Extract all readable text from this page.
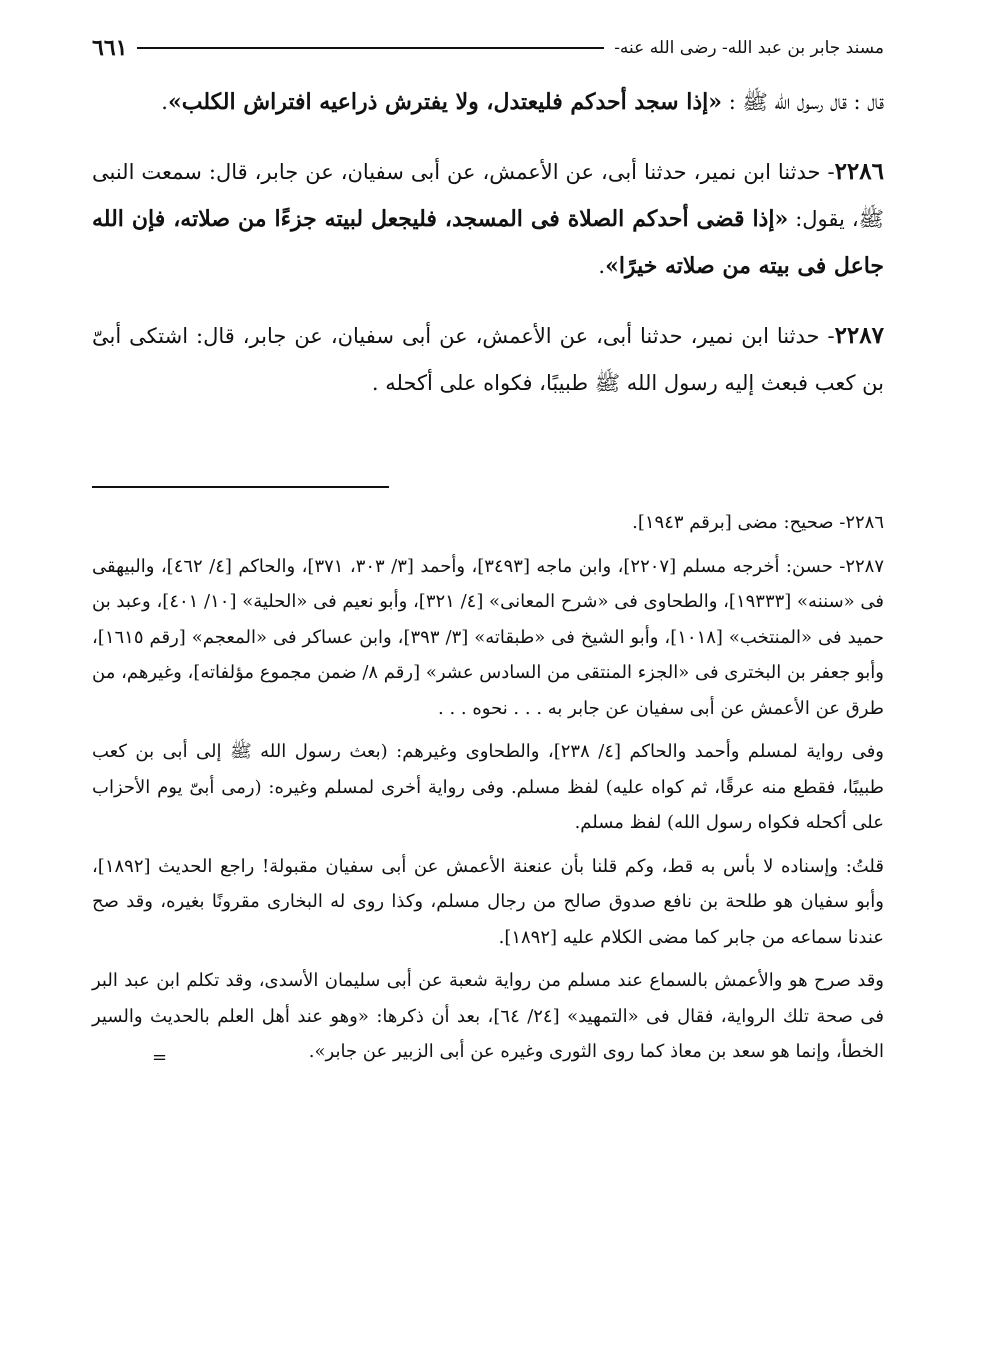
مسند جابر بن عبد الله- رضى الله عنه-
٦٦١

قال : قال رسول الله ﷺ : «إذا سجد أحدكم فليعتدل، ولا يفترش ذراعيه افتراش الكلب».

٢٢٨٦- حدثنا ابن نمير، حدثنا أبى، عن الأعمش، عن أبى سفيان، عن جابر، قال: سمعت النبى ﷺ، يقول: «إذا قضى أحدكم الصلاة فى المسجد، فليجعل لبيته جزءًا من صلاته، فإن الله جاعل فى بيته من صلاته خيرًا».

٢٢٨٧- حدثنا ابن نمير، حدثنا أبى، عن الأعمش، عن أبى سفيان، عن جابر، قال: اشتكى أبىّ بن كعب فبعث إليه رسول الله ﷺ طبيبًا، فكواه على أكحله .

٢٢٨٦- صحيح: مضى [برقم ١٩٤٣].

٢٢٨٧- حسن: أخرجه مسلم [٢٢٠٧]، وابن ماجه [٣٤٩٣]، وأحمد [٣/ ٣٠٣، ٣٧١]، والحاكم [٤/ ٤٦٢]، والبيهقى فى «سننه» [١٩٣٣٣]، والطحاوى فى «شرح المعانى» [٤/ ٣٢١]، وأبو نعيم فى «الحلية» [١٠/ ٤٠١]، وعبد بن حميد فى «المنتخب» [١٠١٨]، وأبو الشيخ فى «طبقاته» [٣/ ٣٩٣]، وابن عساكر فى «المعجم» [رقم ١٦١٥]، وأبو جعفر بن البخترى فى «الجزء المنتقى من السادس عشر» [رقم ٨/ ضمن مجموع مؤلفاته]، وغيرهم، من طرق عن الأعمش عن أبى سفيان عن جابر به . . . نحوه . . .

وفى رواية لمسلم وأحمد والحاكم [٤/ ٢٣٨]، والطحاوى وغيرهم: (بعث رسول الله ﷺ إلى أبى بن كعب طبيبًا، فقطع منه عرقًا، ثم كواه عليه) لفظ مسلم. وفى رواية أخرى لمسلم وغيره: (رمى أبىّ يوم الأحزاب على أكحله فكواه رسول الله) لفظ مسلم.

قلتُ: وإسناده لا بأس به قط، وكم قلنا بأن عنعنة الأعمش عن أبى سفيان مقبولة! راجع الحديث [١٨٩٢]، وأبو سفيان هو طلحة بن نافع صدوق صالح من رجال مسلم، وكذا روى له البخارى مقرونًا بغيره، وقد صح عندنا سماعه من جابر كما مضى الكلام عليه [١٨٩٢].

وقد صرح هو والأعمش بالسماع عند مسلم من رواية شعبة عن أبى سليمان الأسدى، وقد تكلم ابن عبد البر فى صحة تلك الرواية، فقال فى «التمهيد» [٢٤/ ٦٤]، بعد أن ذكرها: «وهو عند أهل العلم بالحديث والسير الخطأ، وإنما هو سعد بن معاذ كما روى الثورى وغيره عن أبى الزبير عن جابر».

=
